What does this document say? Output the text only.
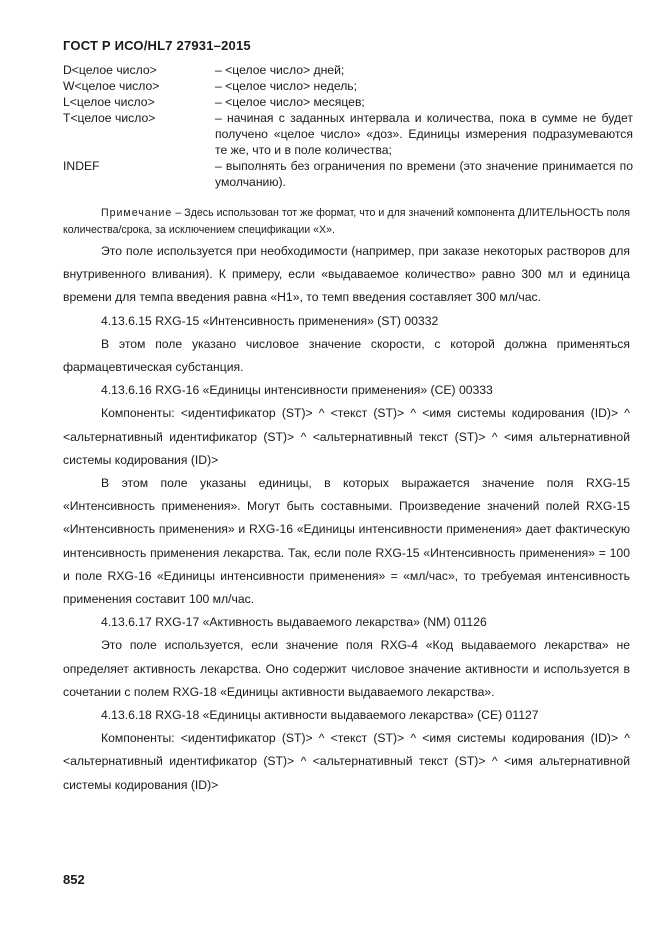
ГОСТ Р ИСО/HL7 27931–2015
D<целое число>	– <целое число> дней;
W<целое число>	– <целое число> недель;
L<целое число>	– <целое число> месяцев;
T<целое число>	– начиная с заданных интервала и количества, пока в сумме не будет получено «целое число» «доз». Единицы измерения подразумеваются те же, что и в поле количества;
INDEF	– выполнять без ограничения по времени (это значение принимается по умолчанию).
Примечание – Здесь использован тот же формат, что и для значений компонента ДЛИТЕЛЬНОСТЬ поля количества/срока, за исключением спецификации «X».

Это поле используется при необходимости (например, при заказе некоторых растворов для внутривенного вливания). К примеру, если «выдаваемое количество» равно 300 мл и единица времени для темпа введения равна «H1», то темп введения составляет 300 мл/час.

4.13.6.15 RXG-15 «Интенсивность применения» (ST) 00332

В этом поле указано числовое значение скорости, с которой должна применяться фармацевтическая субстанция.

4.13.6.16 RXG-16 «Единицы интенсивности применения» (CE) 00333

Компоненты: <идентификатор (ST)> ^ <текст (ST)> ^ <имя системы кодирования (ID)> ^ <альтернативный идентификатор (ST)> ^ <альтернативный текст (ST)> ^ <имя альтернативной системы кодирования (ID)>

В этом поле указаны единицы, в которых выражается значение поля RXG-15 «Интенсивность применения». Могут быть составными. Произведение значений полей RXG-15 «Интенсивность применения» и RXG-16 «Единицы интенсивности применения» дает фактическую интенсивность применения лекарства. Так, если поле RXG-15 «Интенсивность применения» = 100 и поле RXG-16 «Единицы интенсивности применения» = «мл/час», то требуемая интенсивность применения составит 100 мл/час.

4.13.6.17 RXG-17 «Активность выдаваемого лекарства» (NM) 01126

Это поле используется, если значение поля RXG-4 «Код выдаваемого лекарства» не определяет активность лекарства. Оно содержит числовое значение активности и используется в сочетании с полем RXG-18 «Единицы активности выдаваемого лекарства».

4.13.6.18 RXG-18 «Единицы активности выдаваемого лекарства» (CE) 01127

Компоненты: <идентификатор (ST)> ^ <текст (ST)> ^ <имя системы кодирования (ID)> ^ <альтернативный идентификатор (ST)> ^ <альтернативный текст (ST)> ^ <имя альтернативной системы кодирования (ID)>

852
